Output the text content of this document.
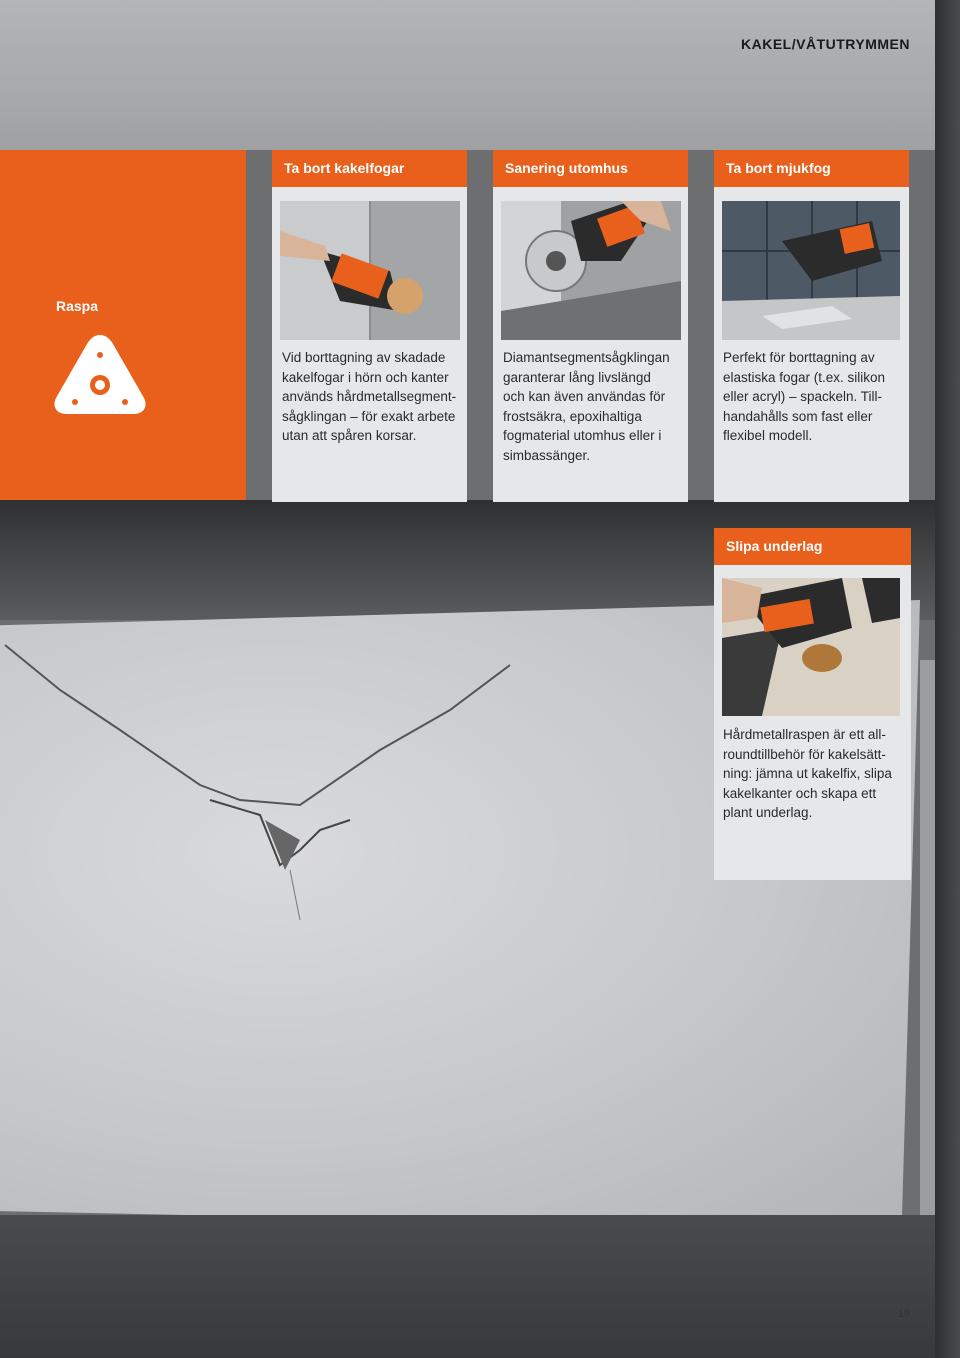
KAKEL/VÅTUTRYMMEN
Raspa
Ta bort kakelfogar
Vid borttagning av skadade
kakelfogar i hörn och kanter
används hårdmetallsegment-
sågklingan – för exakt arbete
utan att spåren korsar.
Sanering utomhus
Diamantsegmentsågklingan
garanterar lång livslängd
och kan även användas för
frostsäkra, epoxihaltiga
fogmaterial utomhus eller i
simbassänger.
Ta bort mjukfog
Perfekt för borttagning av
elastiska fogar (t.ex. silikon
eller acryl) – spackeln. Till-
handahålls som fast eller
flexibel modell.
Slipa underlag
Hårdmetallraspen är ett all-
roundtillbehör för kakelsätt-
ning: jämna ut kakelfix, slipa
kakelkanter och skapa ett
plant underlag.
19
